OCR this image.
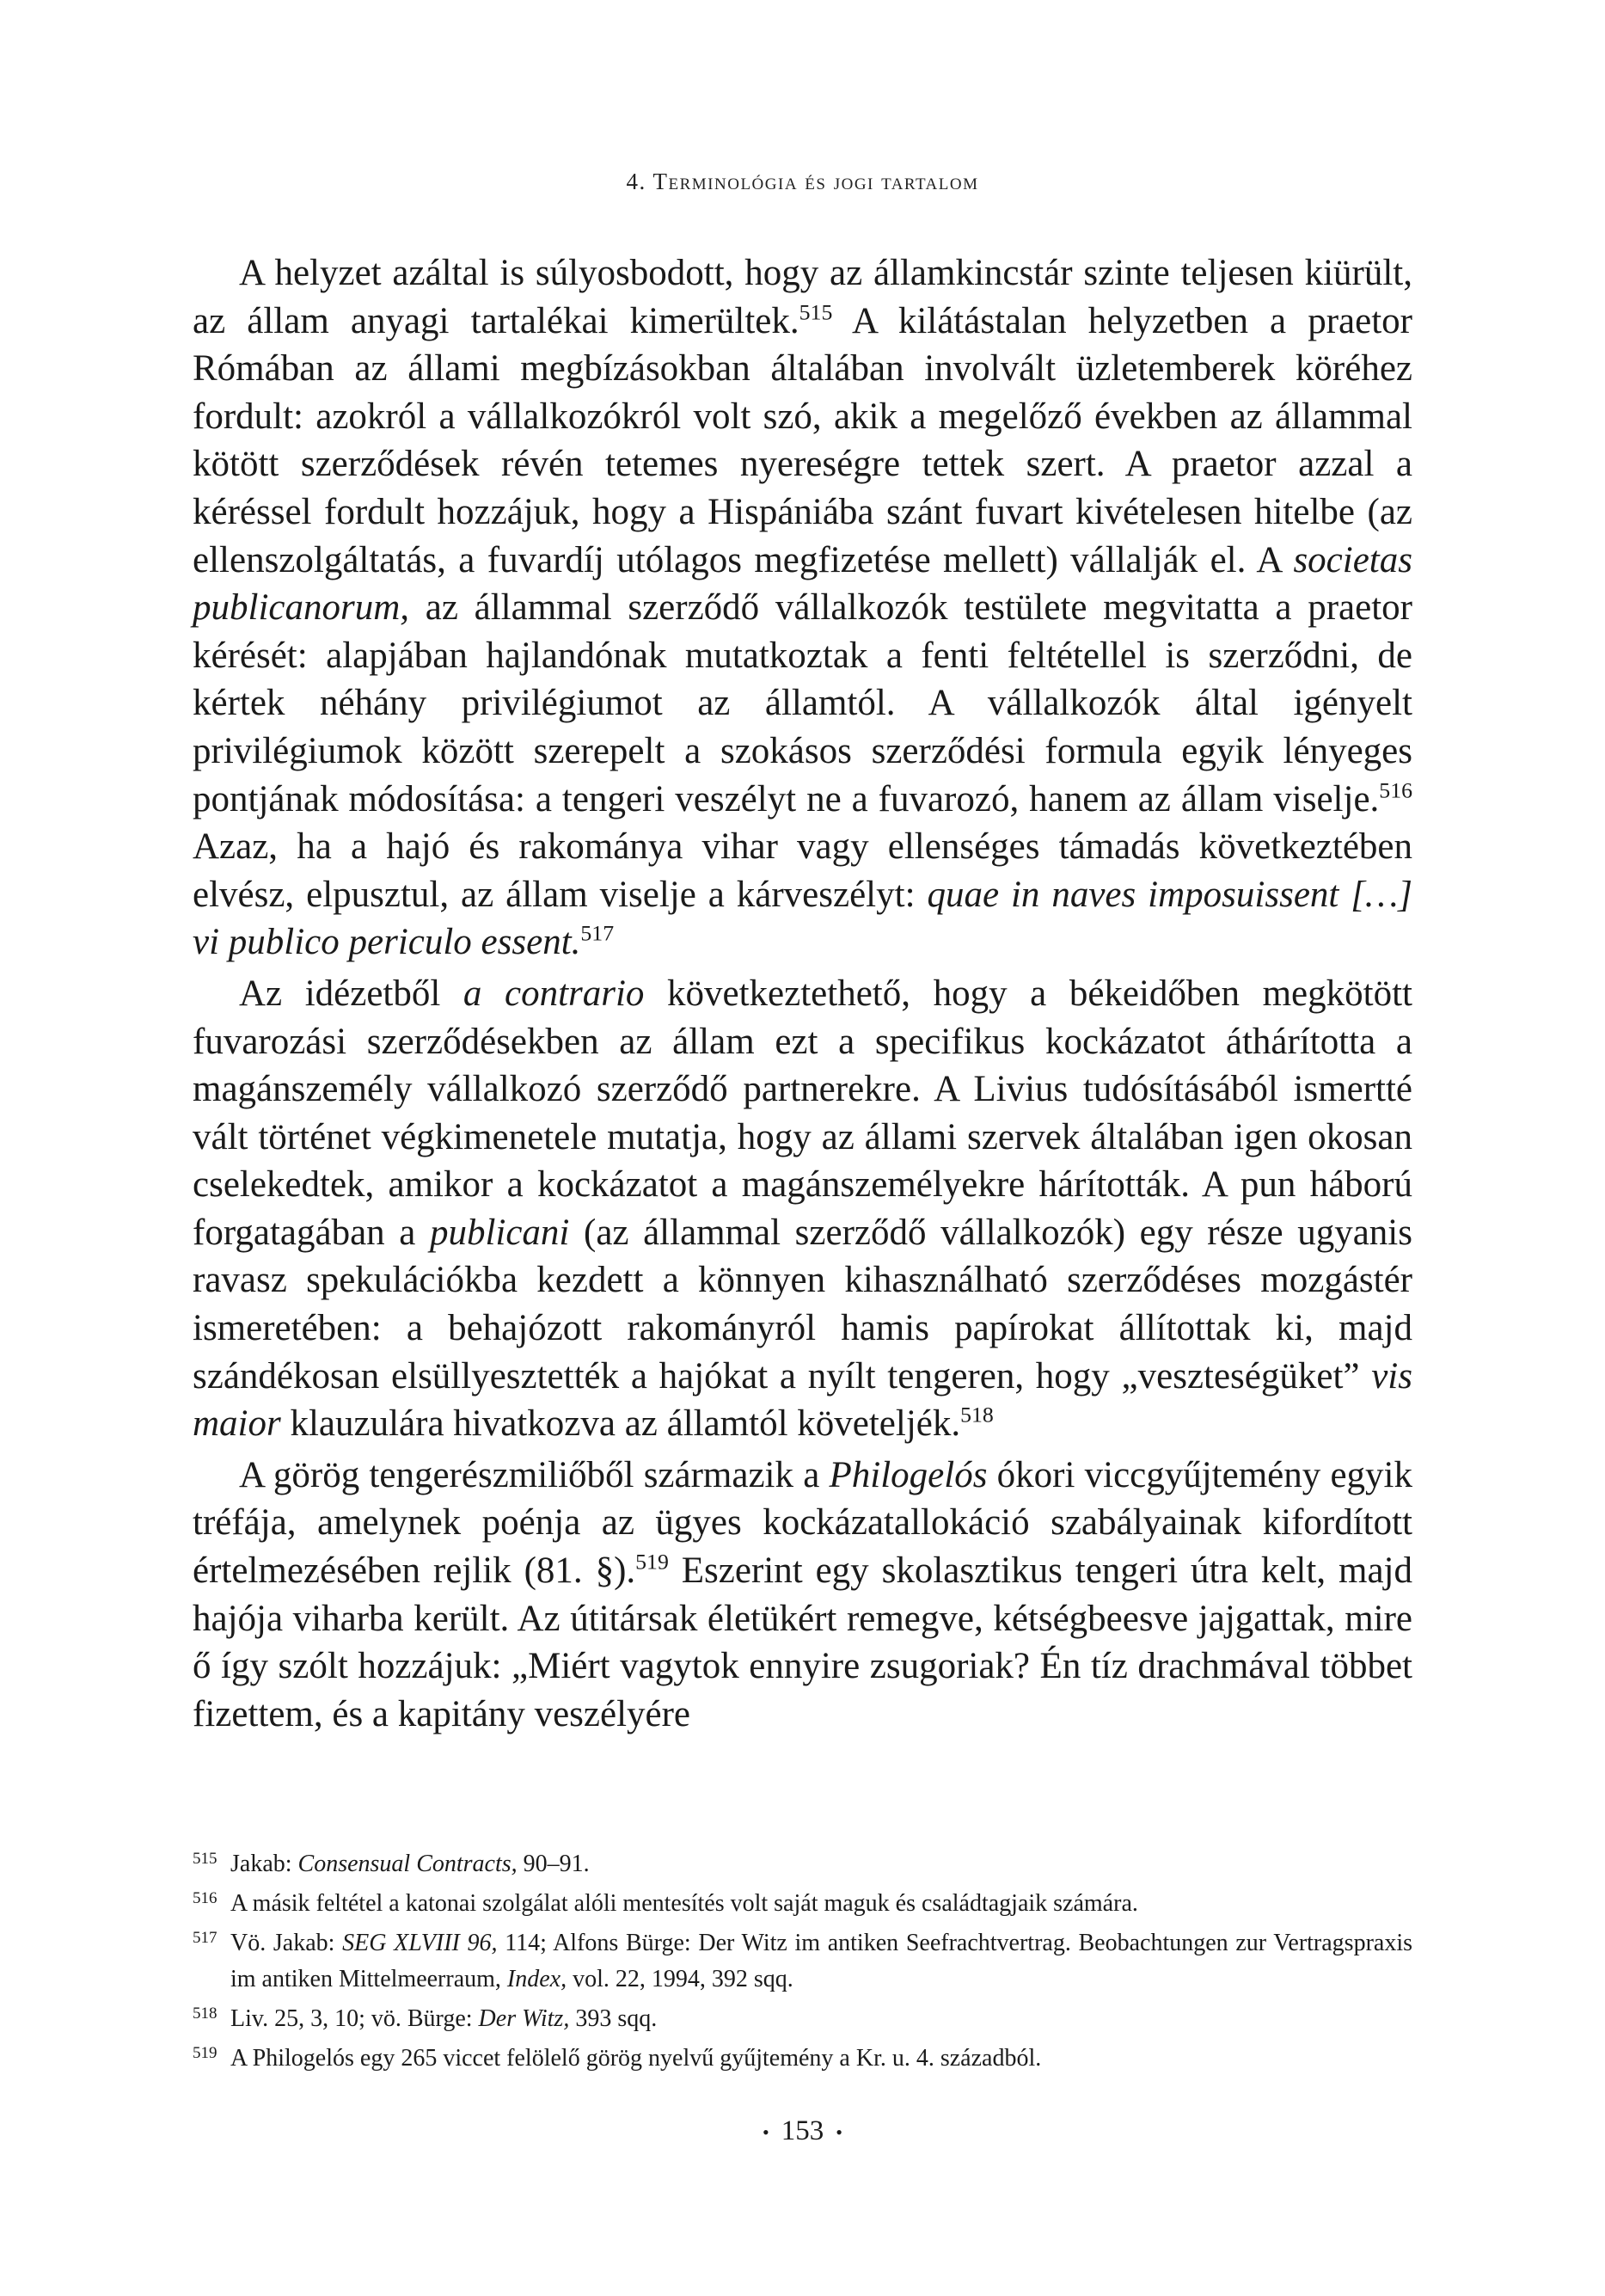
4. Terminológia és jogi tartalom

A helyzet azáltal is súlyosbodott, hogy az államkincstár szinte teljesen kiürült, az állam anyagi tartalékai kimerültek.$^{515}$ A kilátástalan helyzetben a praetor Rómában az állami megbízásokban általában involvált üzletemberek köréhez fordult: azokról a vállalkozókról volt szó, akik a megelőző években az állammal kötött szerződések révén tetemes nyereségre tettek szert. A praetor azzal a kéréssel fordult hozzájuk, hogy a Hispániába szánt fuvart kivételesen hitelbe (az ellenszolgáltatás, a fuvardíj utólagos megfizetése mellett) vállalják el. A societas publicanorum, az állammal szerződő vállalkozók testülete megvitatta a praetor kérését: alapjában hajlandónak mutatkoztak a fenti feltétellel is szerződni, de kértek néhány privilégiumot az államtól. A vállalkozók által igényelt privilégiumok között szerepelt a szokásos szerződési formula egyik lényeges pontjának módosítása: a tengeri veszélyt ne a fuvarozó, hanem az állam viselje.$^{516}$ Azaz, ha a hajó és rakománya vihar vagy ellenséges támadás következtében elvész, elpusztul, az állam viselje a kárveszélyt: quae in naves imposuissent […] vi publico periculo essent.$^{517}$

Az idézetből a contrario következtethető, hogy a békeidőben megkötött fuvarozási szerződésekben az állam ezt a specifikus kockázatot áthárította a magánszemély vállalkozó szerződő partnerekre. A Livius tudósításából ismertté vált történet végkimenetele mutatja, hogy az állami szervek általában igen okosan cselekedtek, amikor a kockázatot a magánszemélyekre hárították. A pun háború forgatagában a publicani (az állammal szerződő vállalkozók) egy része ugyanis ravasz spekulációkba kezdett a könnyen kihasználható szerződéses mozgástér ismeretében: a behajózott rakományról hamis papírokat állítottak ki, majd szándékosan elsüllyesztették a hajókat a nyílt tengeren, hogy „veszteségüket” vis maior klauzulára hivatkozva az államtól követeljék.$^{518}$

A görög tengerészmiliőből származik a Philogelós ókori viccgyűjtemény egyik tréfája, amelynek poénja az ügyes kockázatallokáció szabályainak kifordított értelmezésében rejlik (81. §).$^{519}$ Eszerint egy skolasztikus tengeri útra kelt, majd hajója viharba került. Az útitársak életükért remegve, kétségbeesve jajgattak, mire ő így szólt hozzájuk: „Miért vagytok ennyire zsugoriak? Én tíz drachmával többet fizettem, és a kapitány veszélyére

515 Jakab: Consensual Contracts, 90–91.
516 A másik feltétel a katonai szolgálat alóli mentesítés volt saját maguk és családtagjaik számára.
517 Vö. Jakab: SEG XLVIII 96, 114; Alfons Bürge: Der Witz im antiken Seefrachtvertrag. Beobachtungen zur Vertragspraxis im antiken Mittelmeerraum, Index, vol. 22, 1994, 392 sqq.
518 Liv. 25, 3, 10; vö. Bürge: Der Witz, 393 sqq.
519 A Philogelós egy 265 viccet felölelő görög nyelvű gyűjtemény a Kr. u. 4. századból.
• 153 •
